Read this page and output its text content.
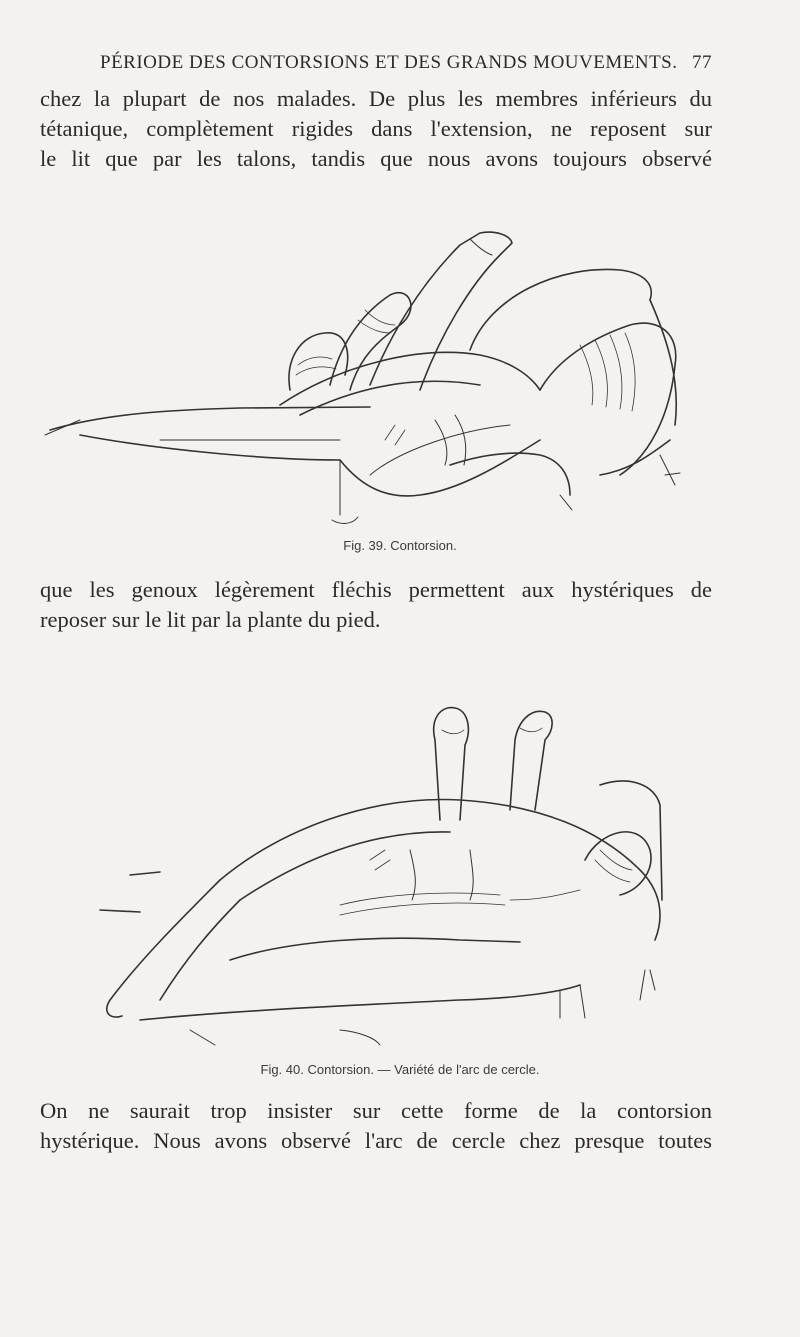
PÉRIODE DES CONTORSIONS ET DES GRANDS MOUVEMENTS. 77

chez la plupart de nos malades. De plus les membres inférieurs du
tétanique, complètement rigides dans l'extension, ne reposent sur
le lit que par les talons, tandis que nous avons toujours observé

Fig. 39. Contorsion.

que les genoux légèrement fléchis permettent aux hystériques de
reposer sur le lit par la plante du pied.

Fig. 40. Contorsion. — Variété de l'arc de cercle.

On ne saurait trop insister sur cette forme de la contorsion
hystérique. Nous avons observé l'arc de cercle chez presque toutes
